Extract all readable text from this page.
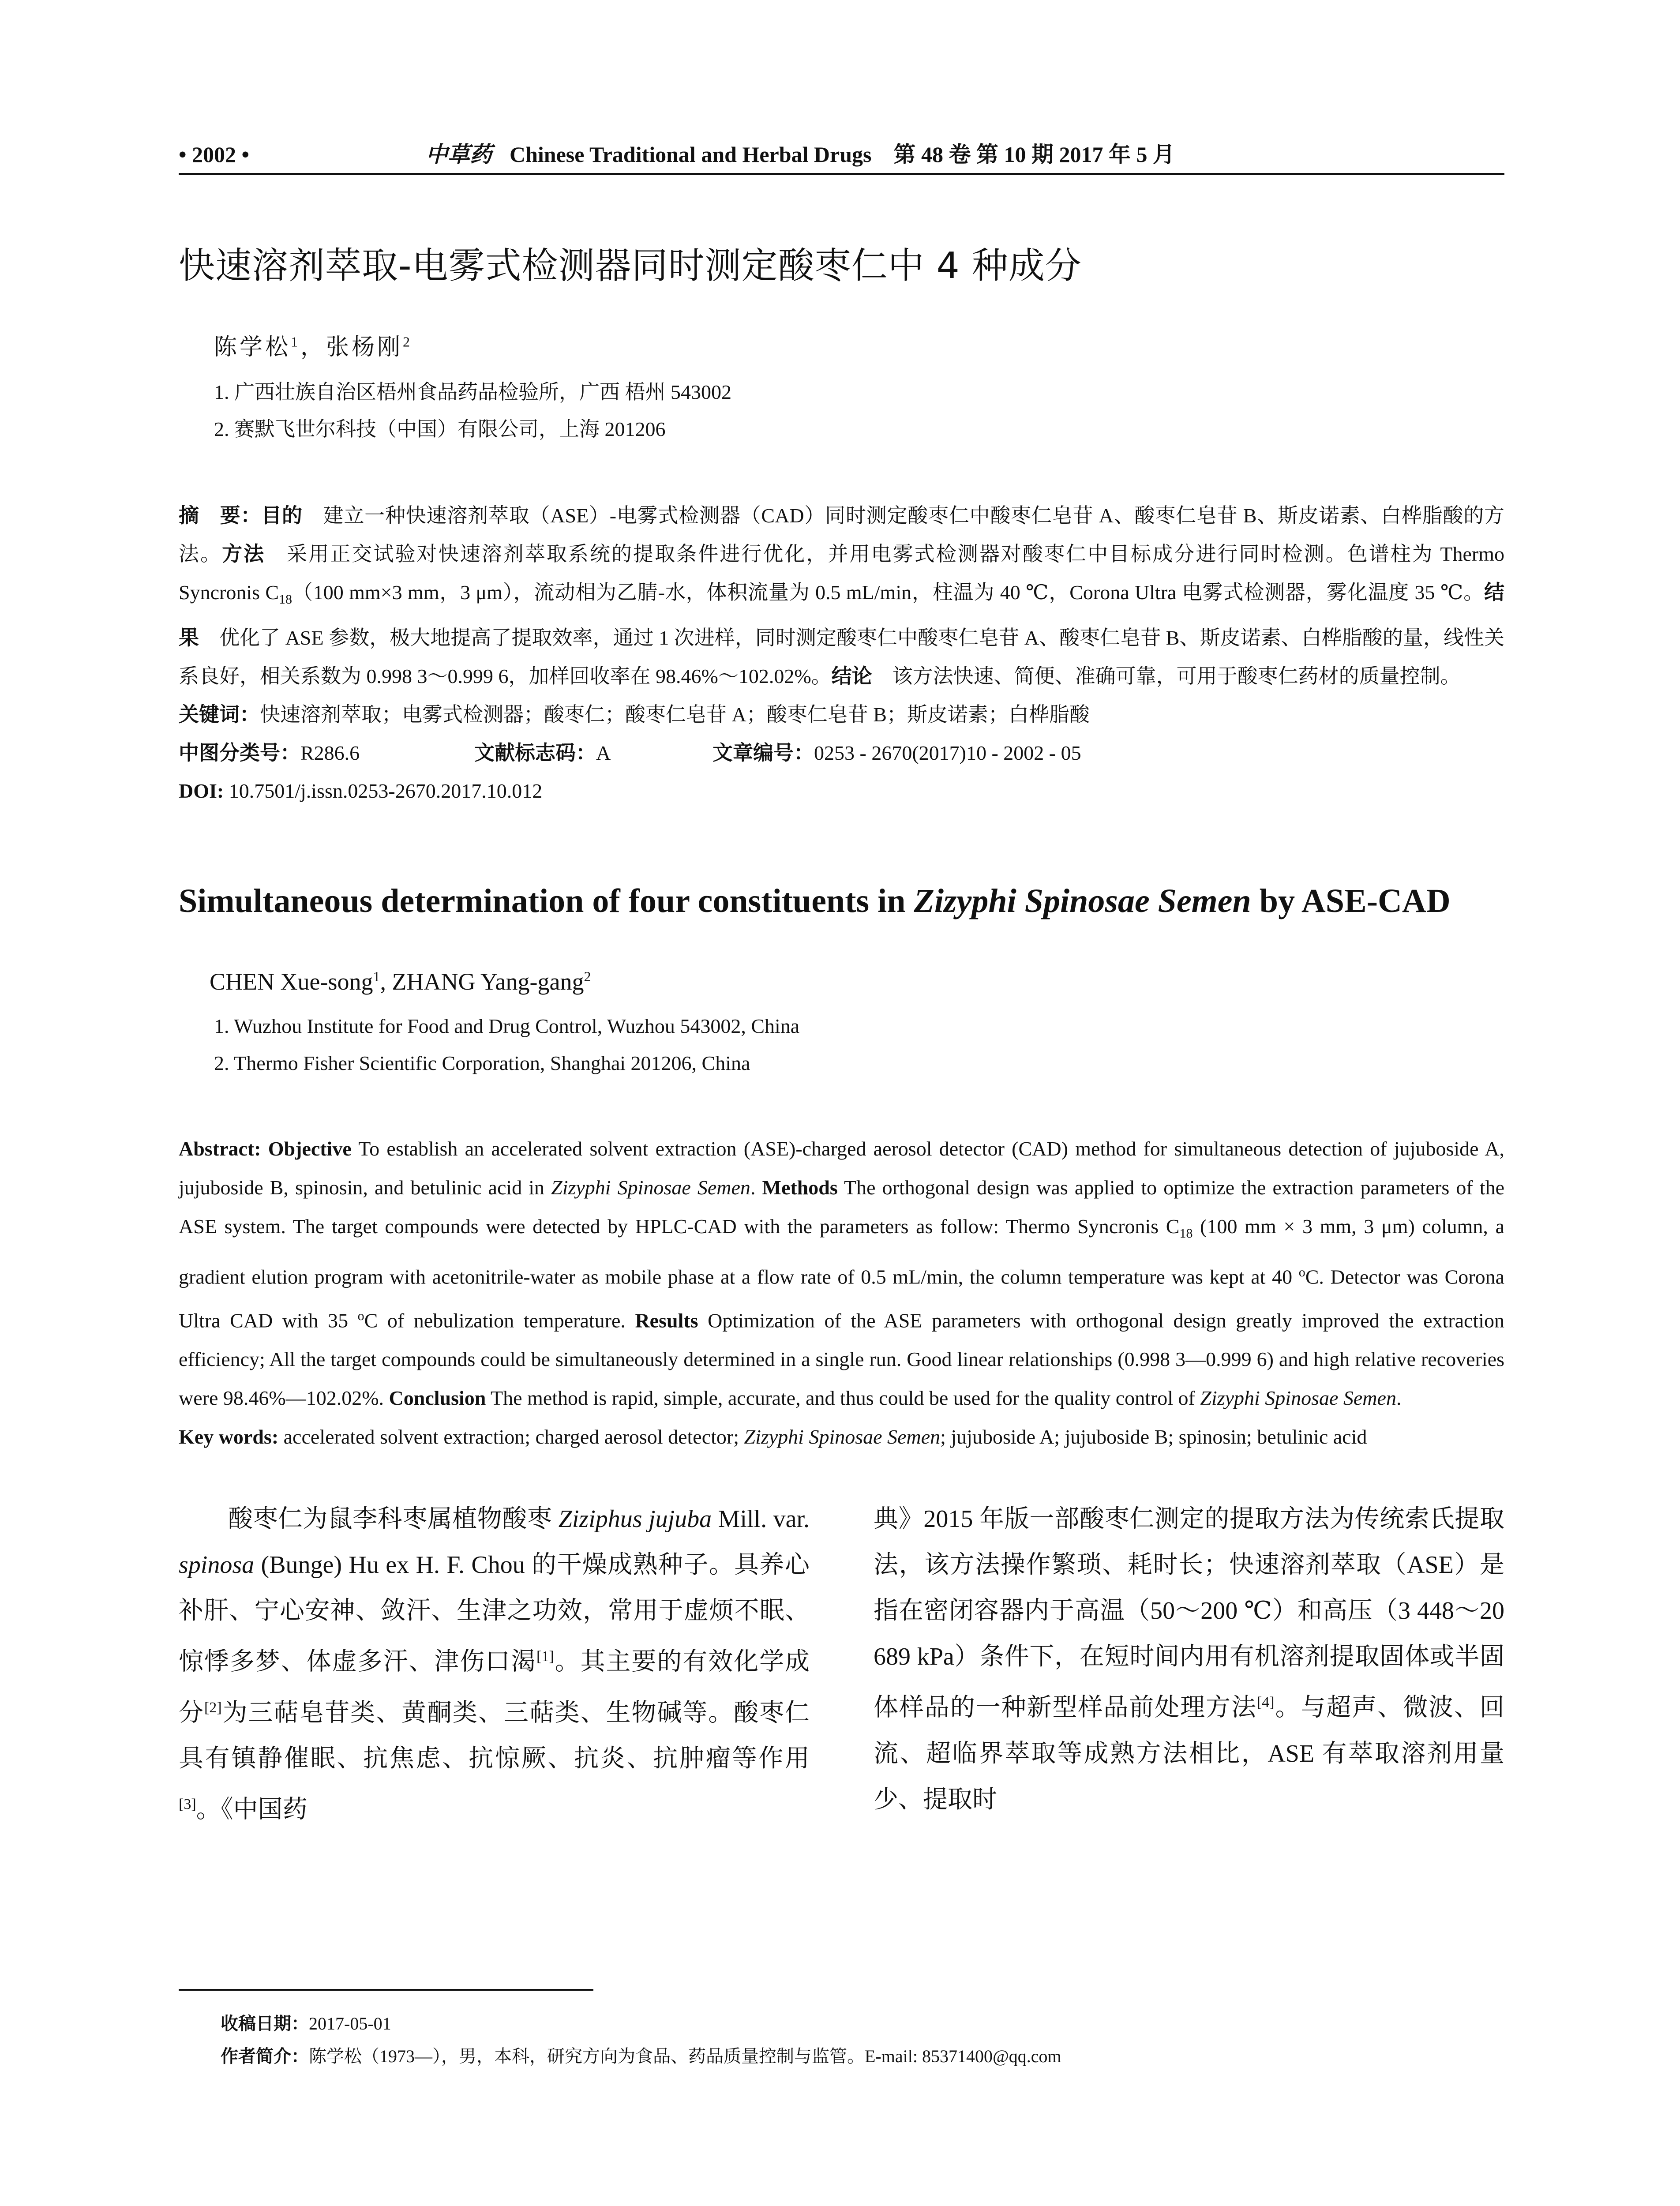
• 2002 •	中草药 Chinese Traditional and Herbal Drugs 第 48 卷 第 10 期 2017 年 5 月
快速溶剂萃取-电雾式检测器同时测定酸枣仁中 4 种成分
陈学松$^1$，张杨刚$^2$
1. 广西壮族自治区梧州食品药品检验所，广西 梧州 543002
2. 赛默飞世尔科技（中国）有限公司，上海 201206
摘　要：目的　建立一种快速溶剂萃取（ASE）-电雾式检测器（CAD）同时测定酸枣仁中酸枣仁皂苷 A、酸枣仁皂苷 B、斯皮诺素、白桦脂酸的方法。方法　采用正交试验对快速溶剂萃取系统的提取条件进行优化，并用电雾式检测器对酸枣仁中目标成分进行同时检测。色谱柱为 Thermo Syncronis $C_{18}(100$ mm×3 mm，3 μm），流动相为乙腈-水，体积流量为 0.5 mL/min，柱温为 40 ℃，Corona Ultra 电雾式检测器，雾化温度 35 ℃。结果　优化了 ASE 参数，极大地提高了提取效率，通过 1 次进样，同时测定酸枣仁中酸枣仁皂苷 A、酸枣仁皂苷 B、斯皮诺素、白桦脂酸的量，线性关系良好，相关系数为 0.998 3～0.999 6，加样回收率在 98.46%～102.02%。结论　该方法快速、简便、准确可靠，可用于酸枣仁药材的质量控制。
关键词：快速溶剂萃取；电雾式检测器；酸枣仁；酸枣仁皂苷 A；酸枣仁皂苷 B；斯皮诺素；白桦脂酸
中图分类号：R286.6	文献标志码：A	文章编号：0253 - 2670(2017)10 - 2002 - 05
DOI: 10.7501/j.issn.0253-2670.2017.10.012
Simultaneous determination of four constituents in Zizyphi Spinosae Semen by ASE-CAD
CHEN Xue-song$^1$, ZHANG Yang-gang$^2$
1. Wuzhou Institute for Food and Drug Control, Wuzhou 543002, China
2. Thermo Fisher Scientific Corporation, Shanghai 201206, China
Abstract: Objective To establish an accelerated solvent extraction (ASE)-charged aerosol detector (CAD) method for simultaneous detection of jujuboside A, jujuboside B, spinosin, and betulinic acid in Zizyphi Spinosae Semen. Methods The orthogonal design was applied to optimize the extraction parameters of the ASE system. The target compounds were detected by HPLC-CAD with the parameters as follow: Thermo Syncronis $C_{18}$ (100 mm × 3 mm, 3 μm) column, a gradient elution program with acetonitrile-water as mobile phase at a flow rate of 0.5 mL/min, the column temperature was kept at 40 $^o$C. Detector was Corona Ultra CAD with 35 $^o$C of nebulization temperature. Results Optimization of the ASE parameters with orthogonal design greatly improved the extraction efficiency; All the target compounds could be simultaneously determined in a single run. Good linear relationships (0.998 3—0.999 6) and high relative recoveries were 98.46%—102.02%. Conclusion The method is rapid, simple, accurate, and thus could be used for the quality control of Zizyphi Spinosae Semen.
Key words: accelerated solvent extraction; charged aerosol detector; Zizyphi Spinosae Semen; jujuboside A; jujuboside B; spinosin; betulinic acid
酸枣仁为鼠李科枣属植物酸枣 Ziziphus jujuba Mill. var. spinosa (Bunge) Hu ex H. F. Chou 的干燥成熟种子。具养心补肝、宁心安神、敛汗、生津之功效，常用于虚烦不眠、惊悸多梦、体虚多汗、津伤口渴[1]。其主要的有效化学成分[2]为三萜皂苷类、黄酮类、三萜类、生物碱等。酸枣仁具有镇静催眠、抗焦虑、抗惊厥、抗炎、抗肿瘤等作用[3]。《中国药
典》2015 年版一部酸枣仁测定的提取方法为传统索氏提取法，该方法操作繁琐、耗时长；快速溶剂萃取（ASE）是指在密闭容器内于高温（50～200 ℃）和高压（3 448～20 689 kPa）条件下，在短时间内用有机溶剂提取固体或半固体样品的一种新型样品前处理方法[4]。与超声、微波、回流、超临界萃取等成熟方法相比，ASE 有萃取溶剂用量少、提取时
收稿日期：2017-05-01
作者简介：陈学松（1973—），男，本科，研究方向为食品、药品质量控制与监管。E-mail: 85371400@qq.com
